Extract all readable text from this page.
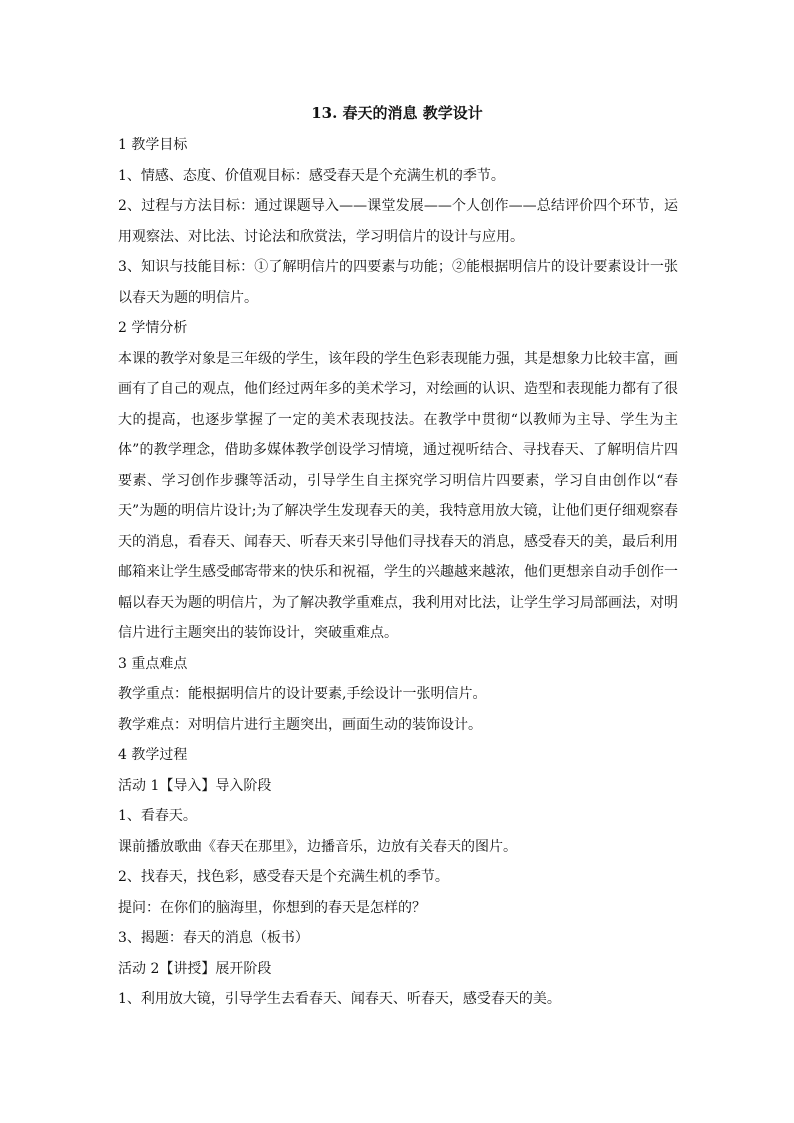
13. 春天的消息 教学设计

1 教学目标

1、情感、态度、价值观目标：感受春天是个充满生机的季节。

2、过程与方法目标：通过课题导入——课堂发展——个人创作——总结评价四个环节，运用观察法、对比法、讨论法和欣赏法，学习明信片的设计与应用。

3、知识与技能目标：①了解明信片的四要素与功能；②能根据明信片的设计要素设计一张以春天为题的明信片。

2 学情分析

本课的教学对象是三年级的学生，该年段的学生色彩表现能力强，其是想象力比较丰富，画画有了自己的观点，他们经过两年多的美术学习，对绘画的认识、造型和表现能力都有了很大的提高，也逐步掌握了一定的美术表现技法。在教学中贯彻“以教师为主导、学生为主体”的教学理念，借助多媒体教学创设学习情境，通过视听结合、寻找春天、了解明信片四要素、学习创作步骤等活动，引导学生自主探究学习明信片四要素，学习自由创作以“春天”为题的明信片设计;为了解决学生发现春天的美，我特意用放大镜，让他们更仔细观察春天的消息，看春天、闻春天、听春天来引导他们寻找春天的消息，感受春天的美，最后利用邮箱来让学生感受邮寄带来的快乐和祝福，学生的兴趣越来越浓，他们更想亲自动手创作一幅以春天为题的明信片，为了解决教学重难点，我利用对比法，让学生学习局部画法，对明信片进行主题突出的装饰设计，突破重难点。

3 重点难点

教学重点：能根据明信片的设计要素,手绘设计一张明信片。

教学难点：对明信片进行主题突出，画面生动的装饰设计。

4 教学过程

活动 1【导入】导入阶段

1、看春天。

课前播放歌曲《春天在那里》，边播音乐，边放有关春天的图片。

2、找春天，找色彩，感受春天是个充满生机的季节。

提问：在你们的脑海里，你想到的春天是怎样的？

3、揭题：春天的消息（板书）

活动 2【讲授】展开阶段

1、利用放大镜，引导学生去看春天、闻春天、听春天，感受春天的美。
